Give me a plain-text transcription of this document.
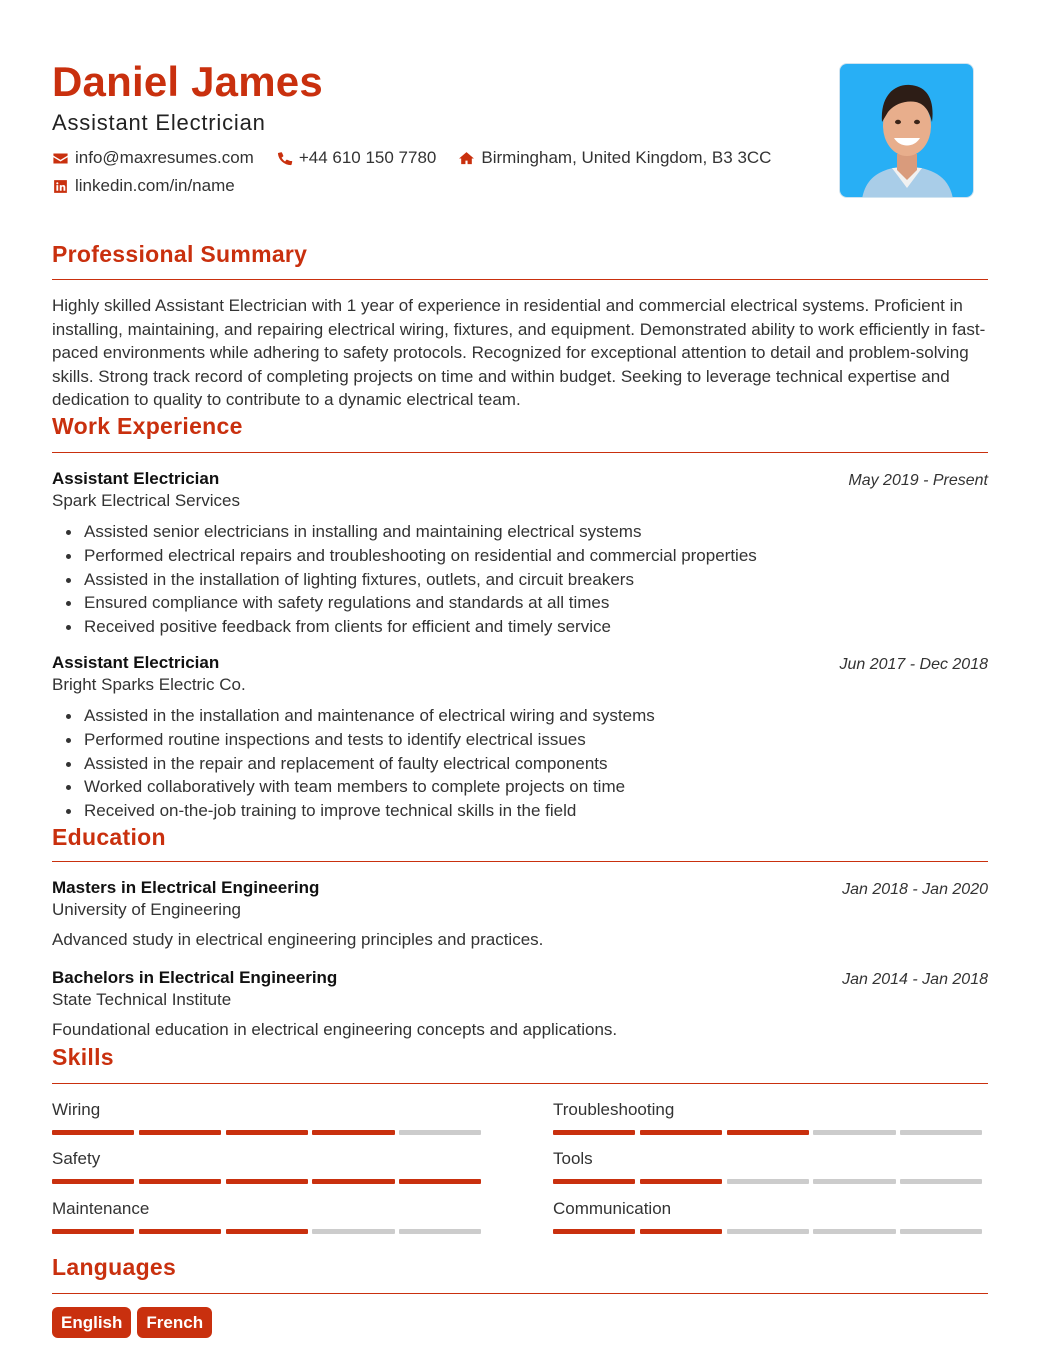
Daniel James
Assistant Electrician
info@maxresumes.com	+44 610 150 7780	Birmingham, United Kingdom, B3 3CC
linkedin.com/in/name
Professional Summary

Highly skilled Assistant Electrician with 1 year of experience in residential and commercial electrical systems. Proficient in installing, maintaining, and repairing electrical wiring, fixtures, and equipment. Demonstrated ability to work efficiently in fast-paced environments while adhering to safety protocols. Recognized for exceptional attention to detail and problem-solving skills. Strong track record of completing projects on time and within budget. Seeking to leverage technical expertise and dedication to quality to contribute to a dynamic electrical team.

Work Experience
Assistant Electrician
Spark Electrical Services
May 2019 - Present
Assisted senior electricians in installing and maintaining electrical systems
Performed electrical repairs and troubleshooting on residential and commercial properties
Assisted in the installation of lighting fixtures, outlets, and circuit breakers
Ensured compliance with safety regulations and standards at all times
Received positive feedback from clients for efficient and timely service
Assistant Electrician
Bright Sparks Electric Co.
Jun 2017 - Dec 2018
Assisted in the installation and maintenance of electrical wiring and systems
Performed routine inspections and tests to identify electrical issues
Assisted in the repair and replacement of faulty electrical components
Worked collaboratively with team members to complete projects on time
Received on-the-job training to improve technical skills in the field
Education
Masters in Electrical Engineering
University of Engineering
Jan 2018 - Jan 2020
Advanced study in electrical engineering principles and practices.
Bachelors in Electrical Engineering
State Technical Institute
Jan 2014 - Jan 2018
Foundational education in electrical engineering concepts and applications.
Skills
Wiring	Troubleshooting
Safety	Tools
Maintenance	Communication
Languages
English	French
